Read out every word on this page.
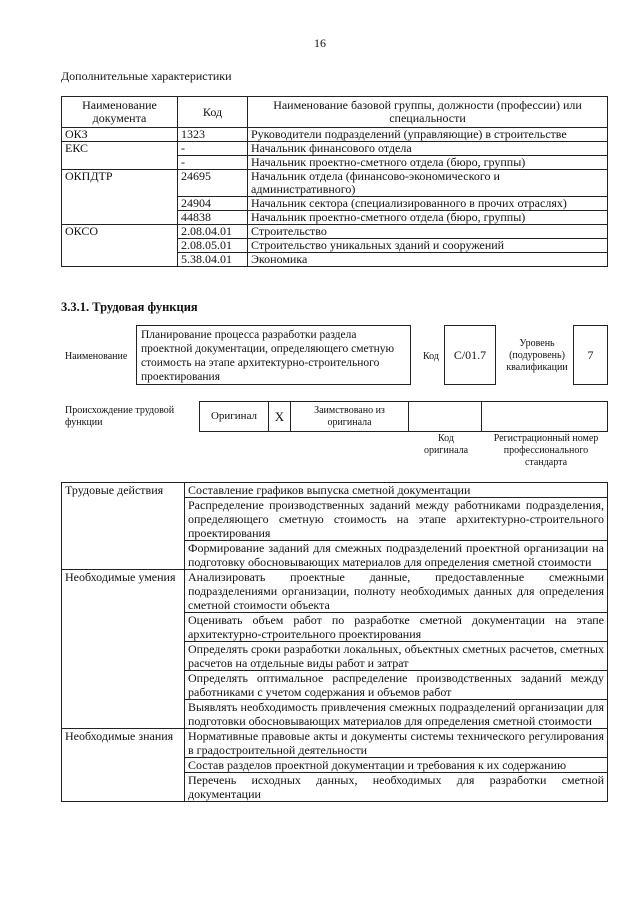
16
Дополнительные характеристики
Наименование документа	Код	Наименование базовой группы, должности (профессии) или специальности
ОКЗ	1323	Руководители подразделений (управляющие) в строительстве
ЕКС	-	Начальник финансового отдела
	-	Начальник проектно-сметного отдела (бюро, группы)
ОКПДТР	24695	Начальник отдела (финансово-экономического и административного)
	24904	Начальник сектора (специализированного в прочих отраслях)
	44838	Начальник проектно-сметного отдела (бюро, группы)
ОКСО	2.08.04.01	Строительство
	2.08.05.01	Строительство уникальных зданий и сооружений
	5.38.04.01	Экономика
3.3.1. Трудовая функция
Наименование
Планирование процесса разработки раздела проектной документации, определяющего сметную стоимость на этапе архитектурно-строительного проектирования
Код	C/01.7
Уровень (подуровень) квалификации
7
Происхождение трудовой функции
Оригинал	X	Заимствовано из оригинала
Код оригинала
Регистрационный номер профессионального стандарта
Трудовые действия	Составление графиков выпуска сметной документации
	Распределение производственных заданий между работниками подразделения, определяющего сметную стоимость на этапе архитектурно-строительного проектирования
	Формирование заданий для смежных подразделений проектной организации на подготовку обосновывающих материалов для определения сметной стоимости
Необходимые умения	Анализировать проектные данные, предоставленные смежными подразделениями организации, полноту необходимых данных для определения сметной стоимости объекта
	Оценивать объем работ по разработке сметной документации на этапе архитектурно-строительного проектирования
	Определять сроки разработки локальных, объектных сметных расчетов, сметных расчетов на отдельные виды работ и затрат
	Определять оптимальное распределение производственных заданий между работниками с учетом содержания и объемов работ
	Выявлять необходимость привлечения смежных подразделений организации для подготовки обосновывающих материалов для определения сметной стоимости
Необходимые знания	Нормативные правовые акты и документы системы технического регулирования в градостроительной деятельности
	Состав разделов проектной документации и требования к их содержанию
	Перечень исходных данных, необходимых для разработки сметной документации
